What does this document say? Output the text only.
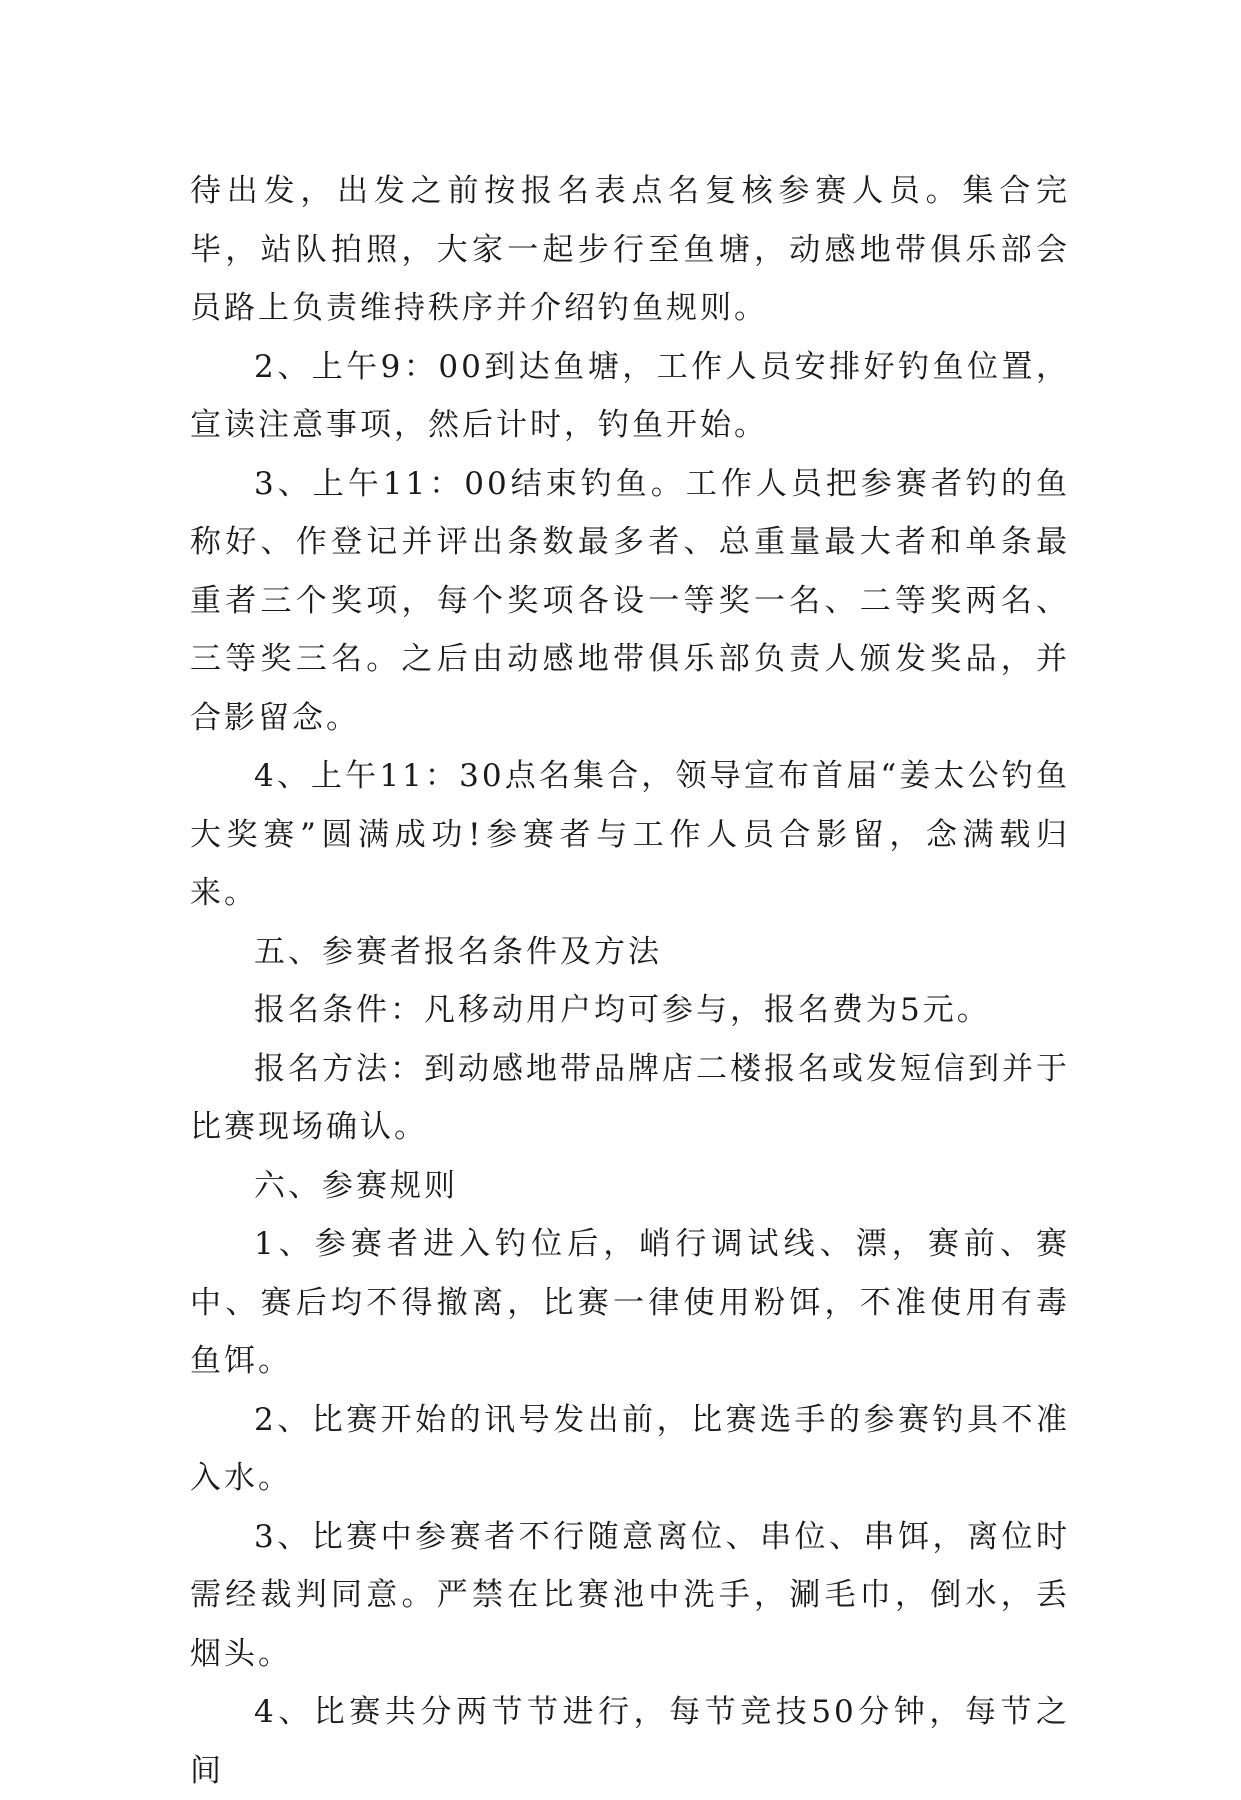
待出发，出发之前按报名表点名复核参赛人员。集合完毕，站队拍照，大家一起步行至鱼塘，动感地带俱乐部会员路上负责维持秩序并介绍钓鱼规则。

2、上午9：00到达鱼塘，工作人员安排好钓鱼位置，宣读注意事项，然后计时，钓鱼开始。

3、上午11：00结束钓鱼。工作人员把参赛者钓的鱼称好、作登记并评出条数最多者、总重量最大者和单条最重者三个奖项，每个奖项各设一等奖一名、二等奖两名、三等奖三名。之后由动感地带俱乐部负责人颁发奖品，并合影留念。

4、上午11：30点名集合，领导宣布首届“姜太公钓鱼大奖赛”圆满成功!参赛者与工作人员合影留，念满载归来。

五、参赛者报名条件及方法

报名条件：凡移动用户均可参与，报名费为5元。

报名方法：到动感地带品牌店二楼报名或发短信到并于比赛现场确认。

六、参赛规则

1、参赛者进入钓位后，峭行调试线、漂，赛前、赛中、赛后均不得撤离，比赛一律使用粉饵，不准使用有毒鱼饵。

2、比赛开始的讯号发出前，比赛选手的参赛钓具不准入水。

3、比赛中参赛者不行随意离位、串位、串饵，离位时需经裁判同意。严禁在比赛池中洗手，涮毛巾，倒水，丢烟头。

4、比赛共分两节节进行，每节竞技50分钟，每节之间
